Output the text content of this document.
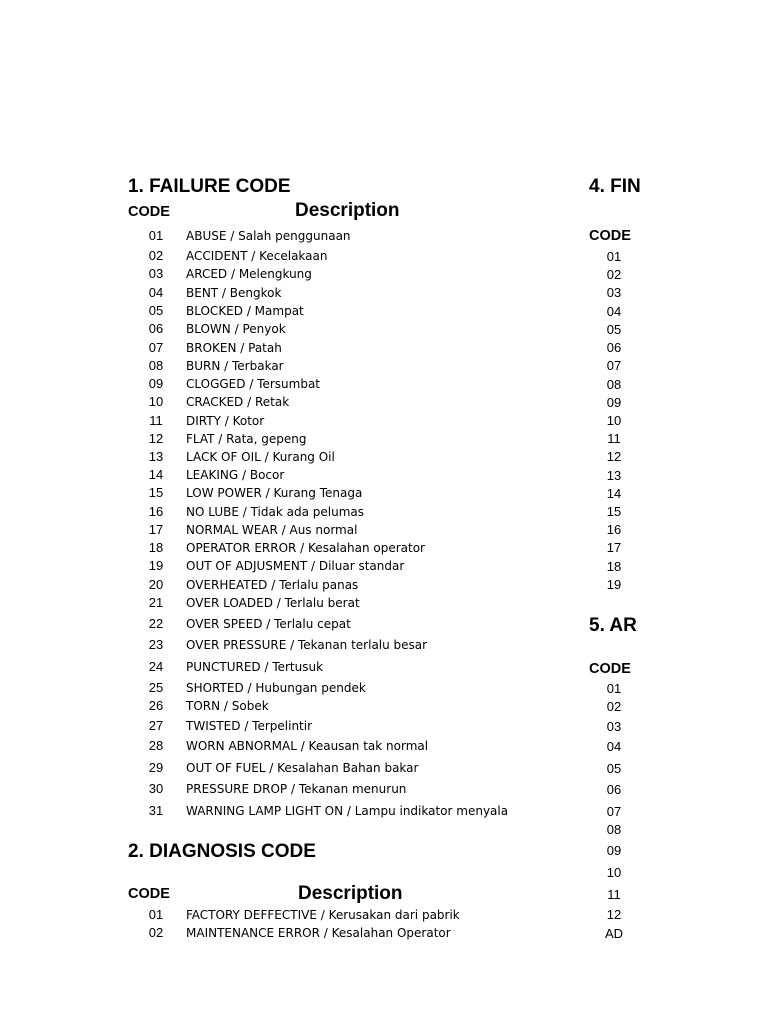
1. FAILURE CODE
CODE	Description
01	ABUSE / Salah penggunaan
02	ACCIDENT / Kecelakaan
03	ARCED / Melengkung
04	BENT / Bengkok
05	BLOCKED / Mampat
06	BLOWN / Penyok
07	BROKEN / Patah
08	BURN / Terbakar
09	CLOGGED / Tersumbat
10	CRACKED / Retak
11	DIRTY / Kotor
12	FLAT / Rata, gepeng
13	LACK OF OIL / Kurang Oil
14	LEAKING / Bocor
15	LOW POWER / Kurang Tenaga
16	NO LUBE / Tidak ada pelumas
17	NORMAL WEAR / Aus normal
18	OPERATOR ERROR / Kesalahan operator
19	OUT OF ADJUSMENT / Diluar standar
20	OVERHEATED / Terlalu panas
21	OVER LOADED / Terlalu berat
22	OVER SPEED / Terlalu cepat
23	OVER PRESSURE / Tekanan terlalu besar
24	PUNCTURED / Tertusuk
25	SHORTED / Hubungan pendek
26	TORN / Sobek
27	TWISTED / Terpelintir
28	WORN ABNORMAL / Keausan tak normal
29	OUT OF FUEL / Kesalahan Bahan bakar
30	PRESSURE DROP / Tekanan menurun
31	WARNING LAMP LIGHT ON / Lampu indikator menyala
2. DIAGNOSIS CODE
CODE	Description
01	FACTORY DEFFECTIVE / Kerusakan dari pabrik
02	MAINTENANCE ERROR / Kesalahan Operator
4. FIN
CODE
01
02
03
04
05
06
07
08
09
10
11
12
13
14
15
16
17
18
19
5. AR
CODE
01
02
03
04
05
06
07
08
09
10
11
12
AD
